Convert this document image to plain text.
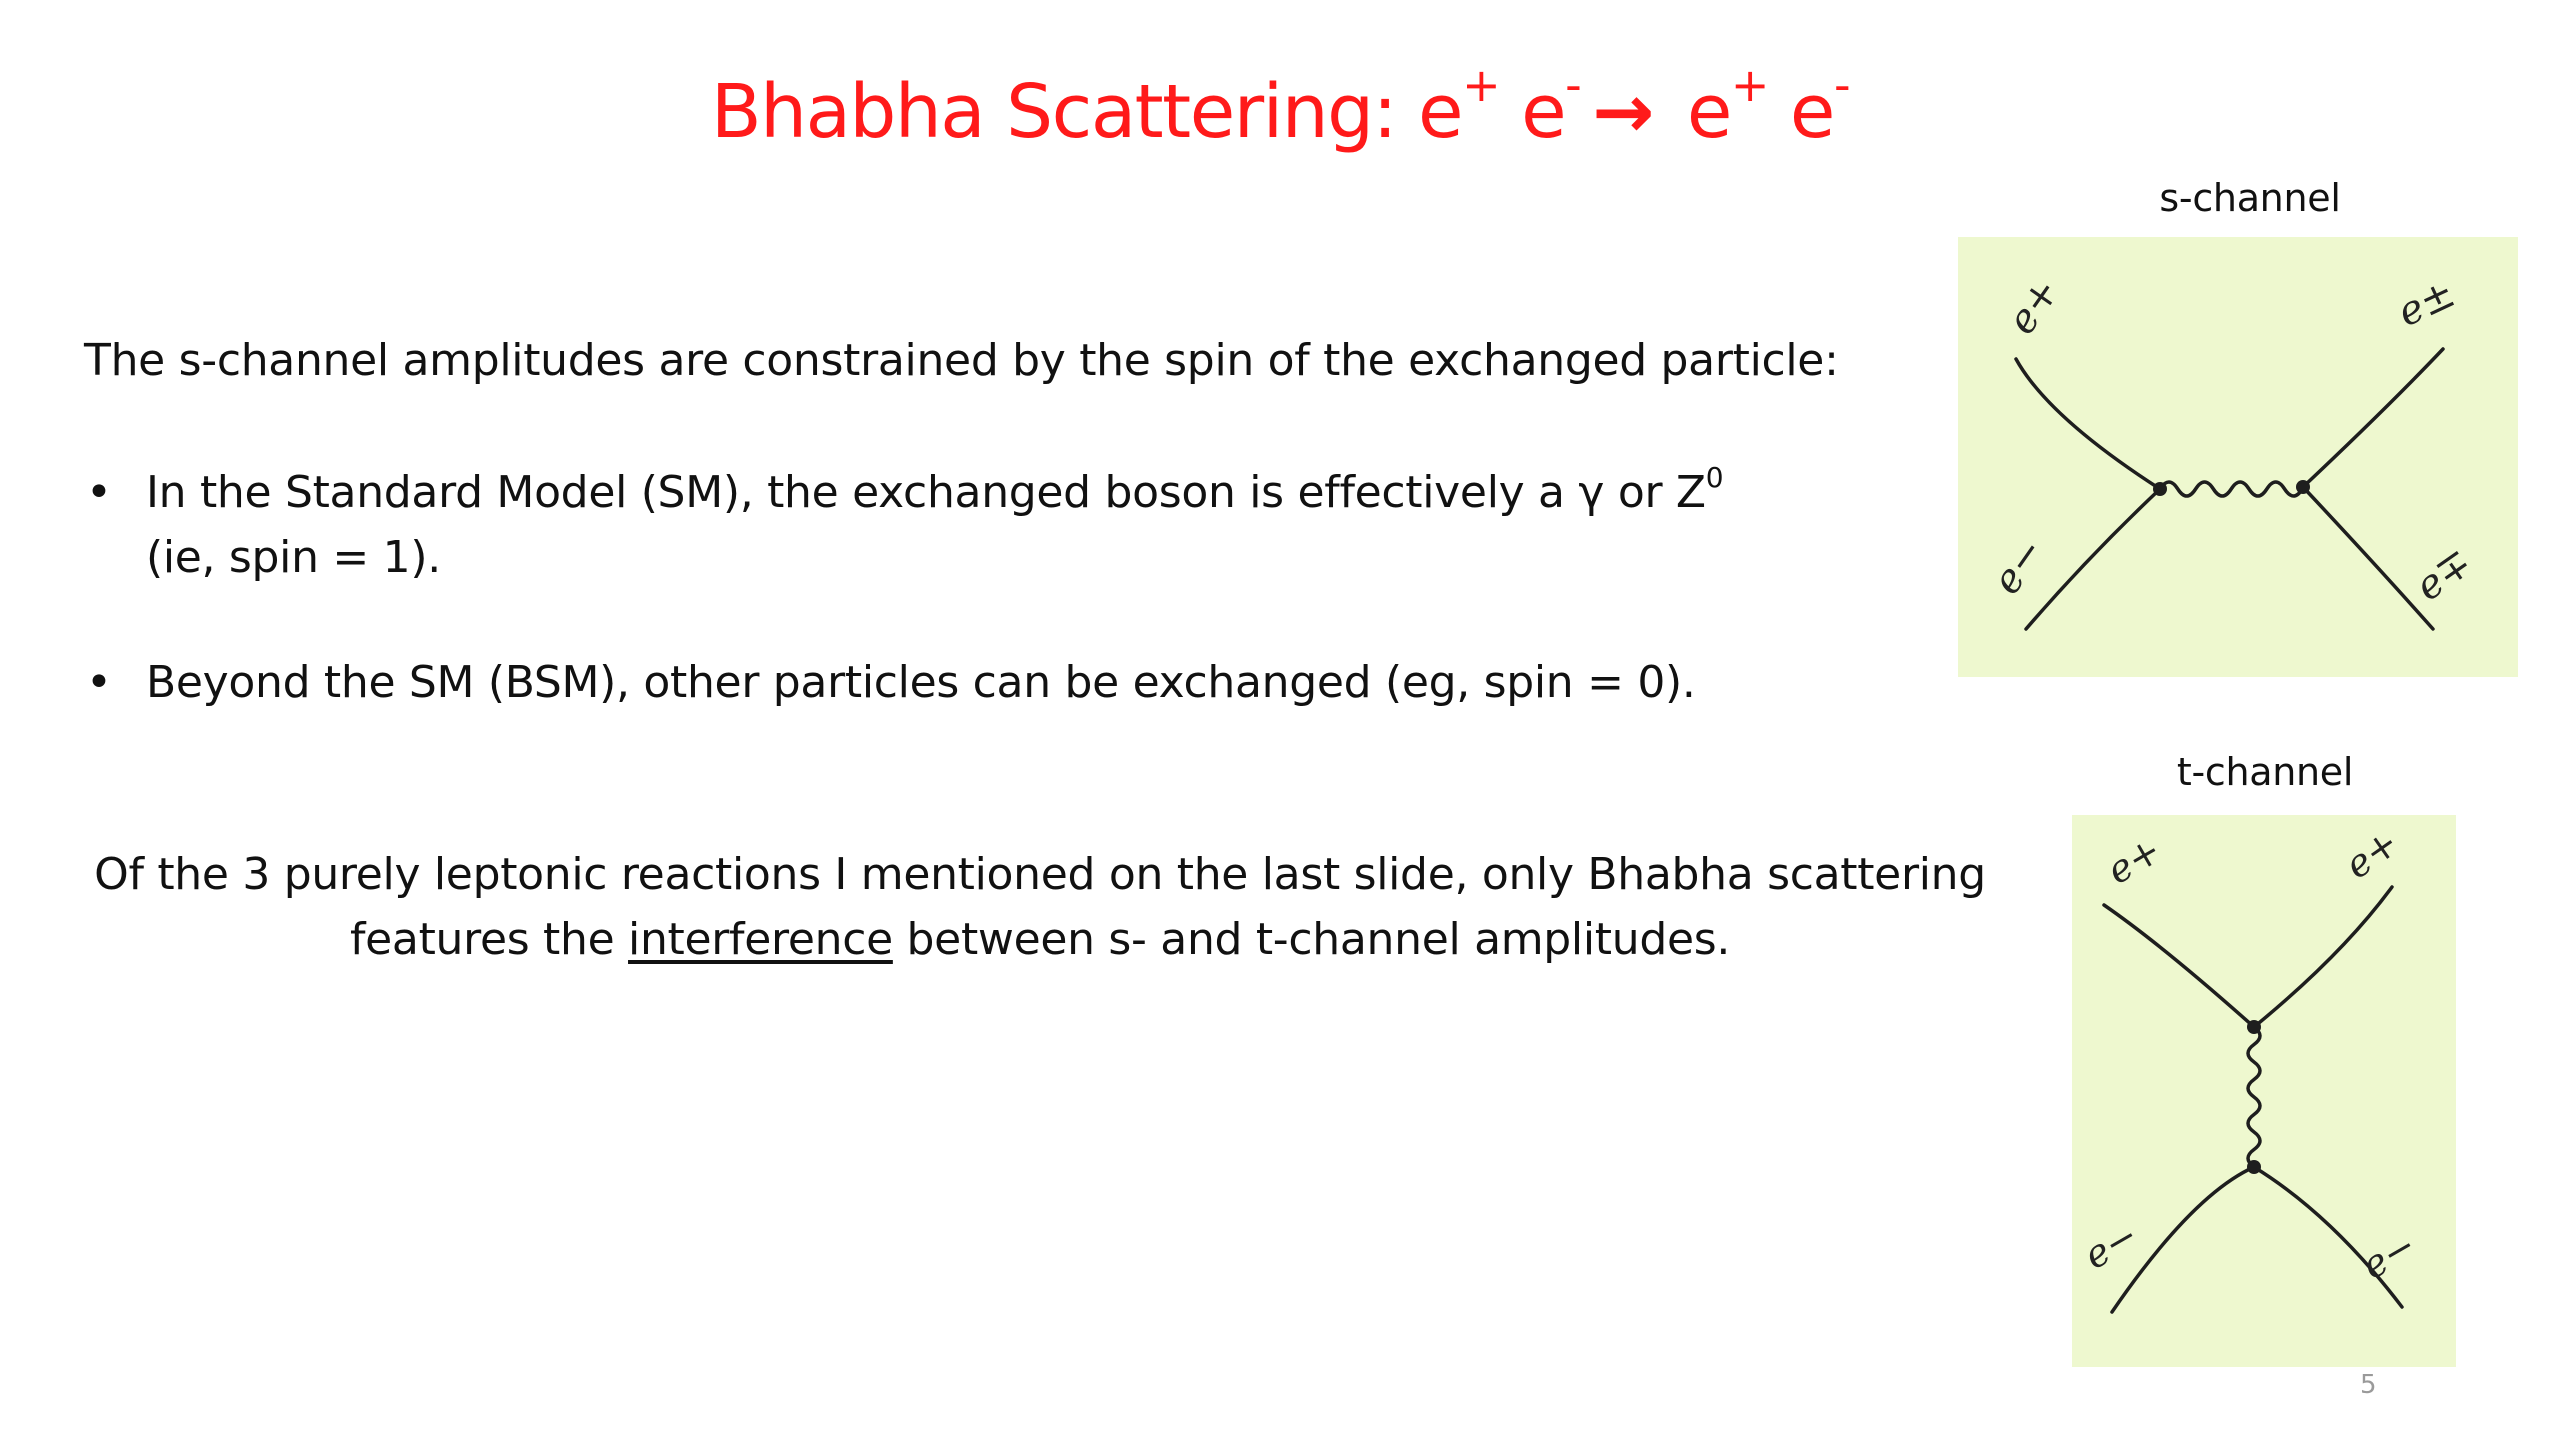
Bhabha Scattering: e+ e- → e+ e-
The s-channel amplitudes are constrained by the spin of the exchanged particle:
• In the Standard Model (SM), the exchanged boson is effectively a γ or $Z^0$
(ie, spin = 1).
• Beyond the SM (BSM), other particles can be exchanged (eg, spin = 0).
Of the 3 purely leptonic reactions I mentioned on the last slide, only Bhabha scattering
features the interference between s- and t-channel amplitudes.
s-channel
e+
e−
e±
e∓
t-channel
e+	e+
e−	e−
5
